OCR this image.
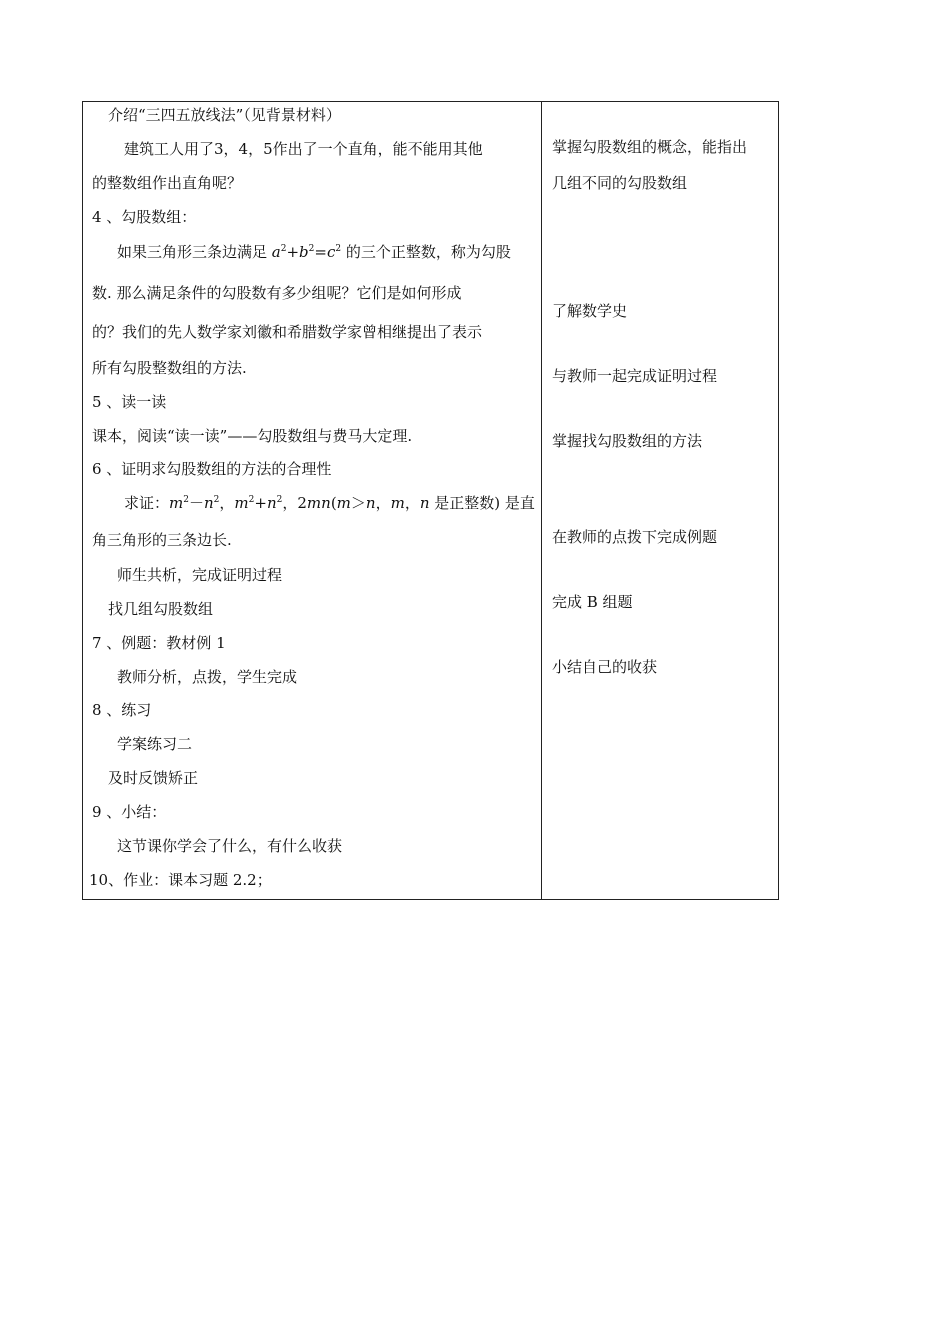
介绍“三四五放线法”（见背景材料）
建筑工人用了3，4，5作出了一个直角，能不能用其他
的整数组作出直角呢？
4 、勾股数组：
如果三角形三条边满足 $a^2+b^2=c^2$ 的三个正整数，称为勾股
数. 那么满足条件的勾股数有多少组呢？它们是如何形成
的？我们的先人数学家刘徽和希腊数学家曾相继提出了表示
所有勾股整数组的方法.
5 、读一读
课本，阅读“读一读”——勾股数组与费马大定理.
6 、证明求勾股数组的方法的合理性
求证：$m^2-n^2$，$m^2+n^2$，2mn(m＞n，m，n 是正整数) 是直
角三角形的三条边长.
师生共析，完成证明过程
找几组勾股数组
7 、例题：教材例 1
教师分析，点拨，学生完成
8 、练习
学案练习二
及时反馈矫正
9 、小结：
这节课你学会了什么，有什么收获
10、作业：课本习题 2.2；
掌握勾股数组的概念，能指出
几组不同的勾股数组
了解数学史
与教师一起完成证明过程
掌握找勾股数组的方法
在教师的点拨下完成例题
完成 B 组题
小结自己的收获
